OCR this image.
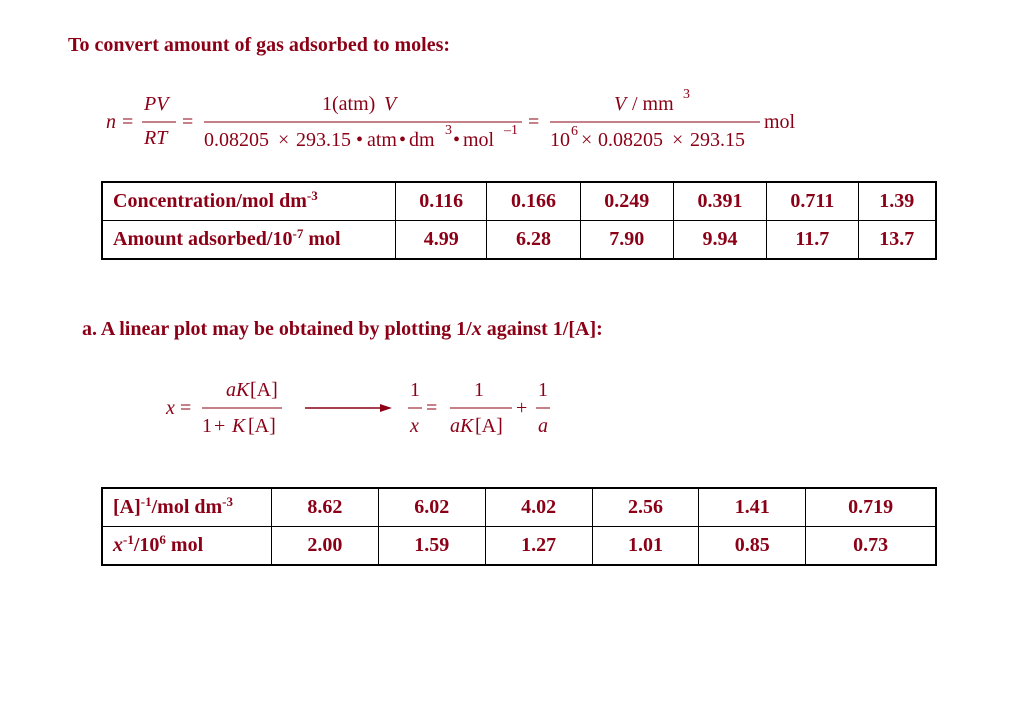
To convert amount of gas adsorbed to moles:
n =
PV
RT
=
1(atm) V
0.08205 × 293.15 • atm • dm 3 • mol –1 =
V / mm 3
10 6 × 0.08205 × 293.15
mol
Concentration/mol $dm^{-3}$	0.116	0.166	0.249	0.391	0.711	1.39
Amount adsorbed/$10^{-7}$ mol	4.99	6.28	7.90	9.94	11.7	13.7
a. A linear plot may be obtained by plotting 1/x against 1/[A]:
x =
a K [A]
1 + K [A]
1
x
=
1
a K [A]
+
1
a
$[A]^{-1}$/mol $dm^{-3}$	8.62	6.02	4.02	2.56	1.41	0.719
$x^{-1}/10^6$ mol	2.00	1.59	1.27	1.01	0.85	0.73
